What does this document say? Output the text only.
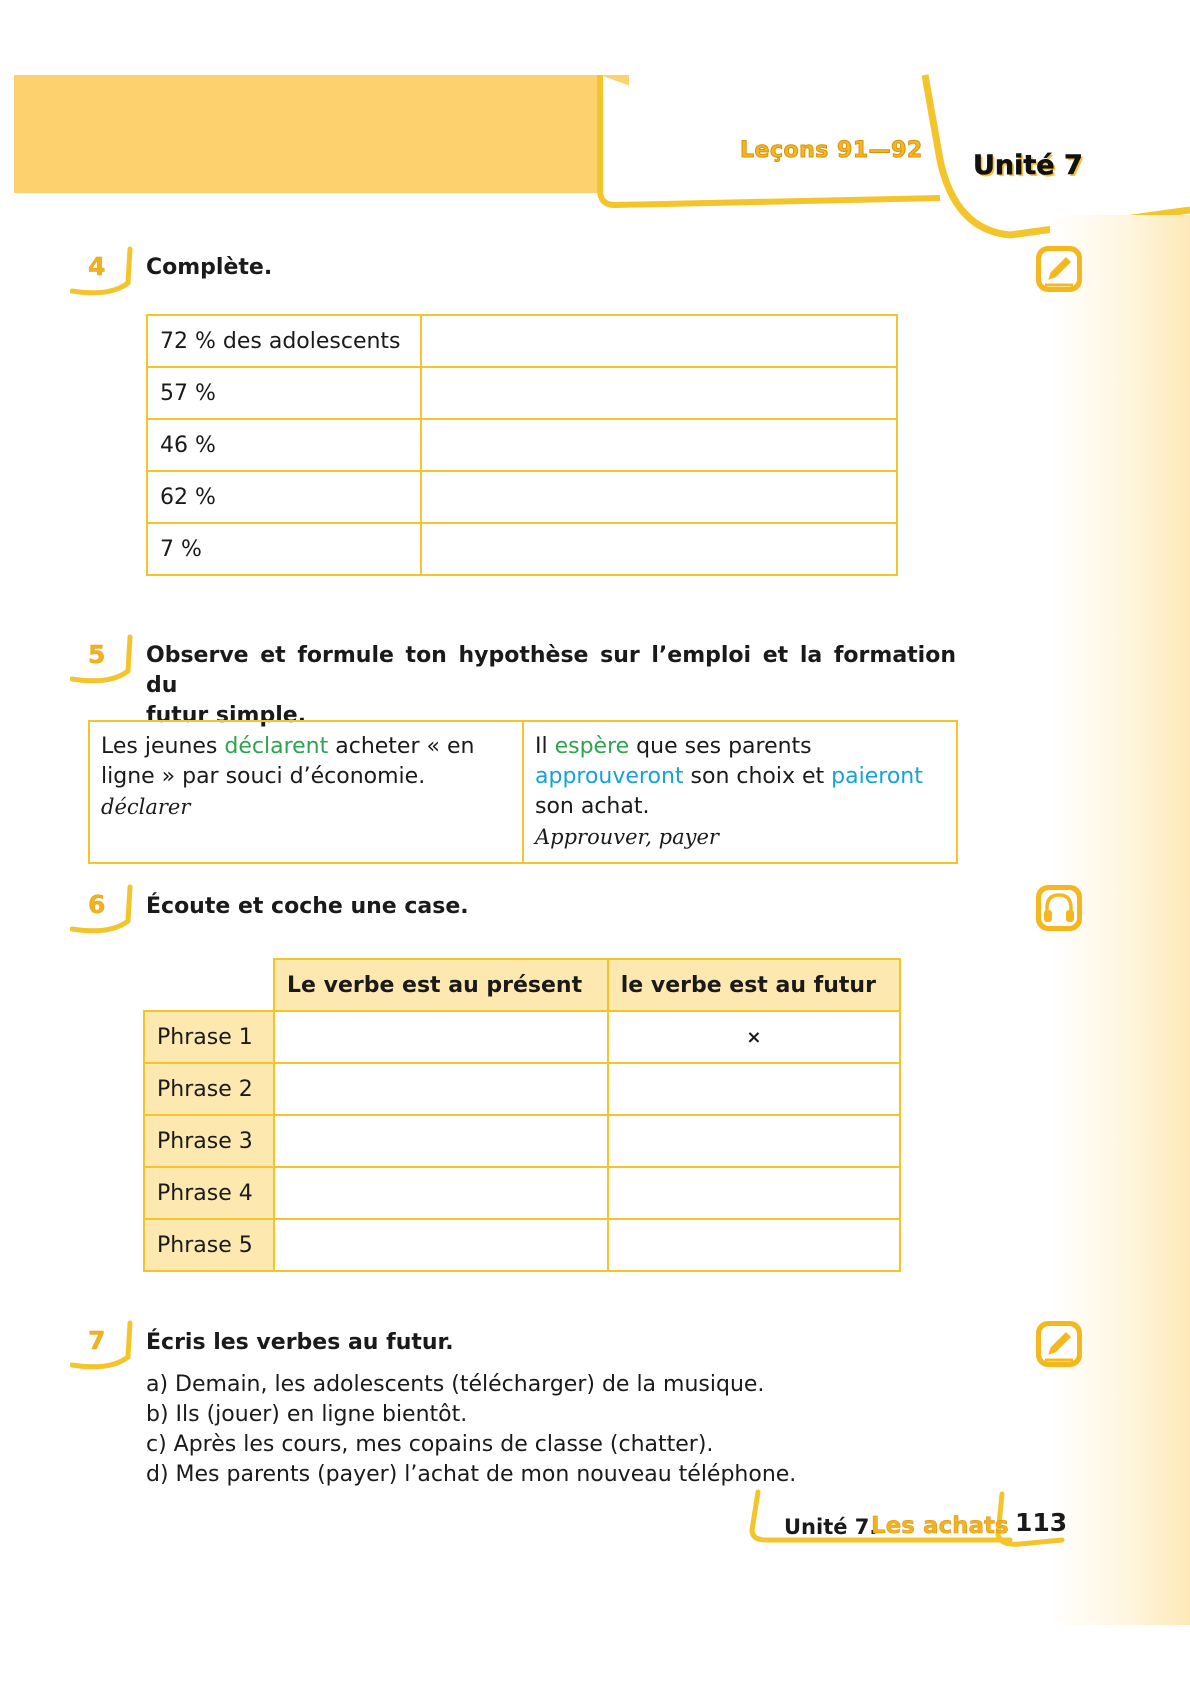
Leçons 91—92 Unité 7
4 Complète.
72 % des adolescents	
57 %	
46 %	
62 %	
7 %	
5 Observe et formule ton hypothèse sur l’emploi et la formation du
futur simple.
Les jeunes déclarent acheter « en ligne » par souci d’économie.
déclarer
	Il espère que ses parents approuveront son choix et paieront son achat.
Approuver, payer
6 Écoute et coche une case.
	Le verbe est au présent	le verbe est au futur
Phrase 1		×
Phrase 2		
Phrase 3		
Phrase 4		
Phrase 5		
7 Écris les verbes au futur.
a) Demain, les adolescents (télécharger) de la musique.
b) Ils (jouer) en ligne bientôt.
c) Après les cours, mes copains de classe (chatter).
d) Mes parents (payer) l’achat de mon nouveau téléphone.
Unité 7.
Les achats 113
